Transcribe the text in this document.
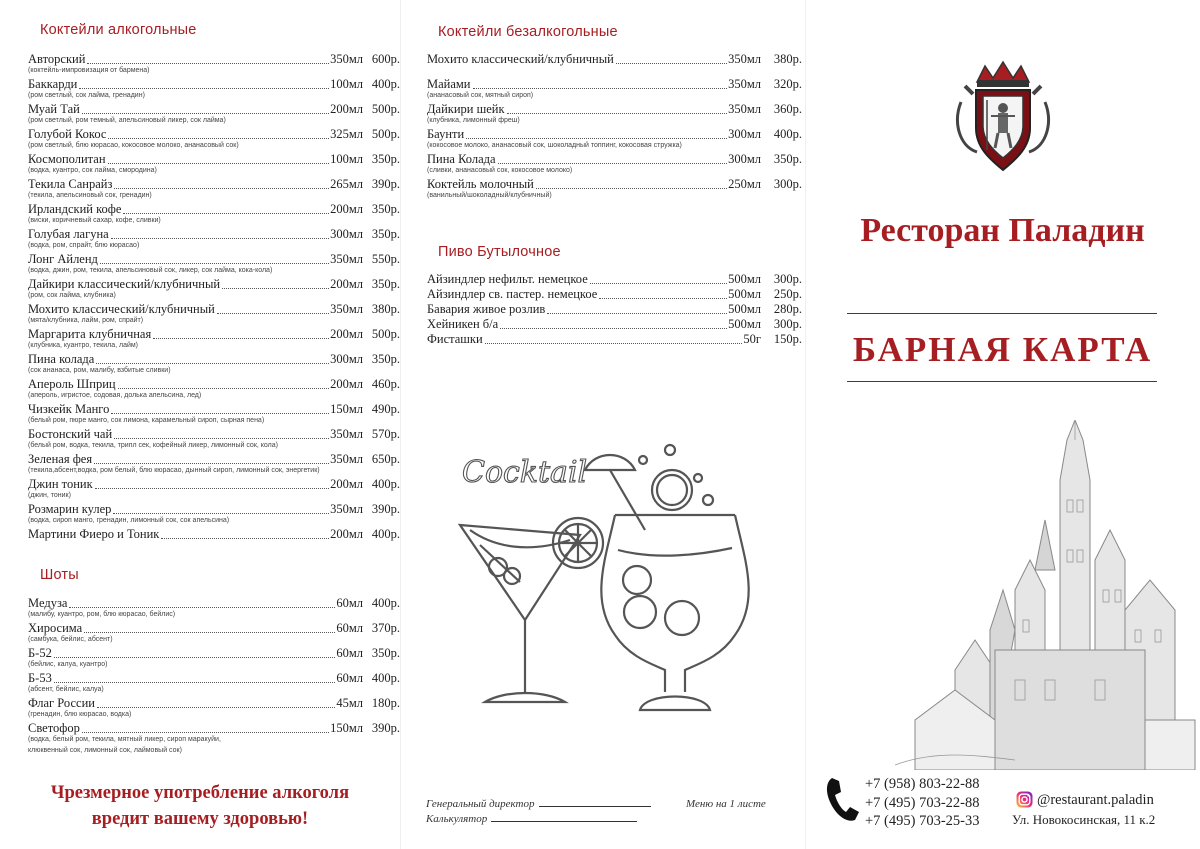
Коктейли алкогольные
Авторский	350мл 600р.
(коктейль-импровизация от бармена)
Баккарди	100мл 400р.
(ром светлый, сок лайма, гренадин)
Муай Тай	200мл 500р.
(ром светлый, ром темный, апельсиновый ликер, сок лайма)
Голубой Кокос	325мл 500р.
(ром светлый, блю кюрасао, кокосовое молоко, ананасовый сок)
Космополитан	100мл 350р.
(водка, куантро, сок лайма, смородина)
Текила Санрайз	265мл 390р.
(текила, апельсиновый сок, гренадин)
Ирландский кофе	200мл 350р.
(виски, коричневый сахар, кофе, сливки)
Голубая лагуна	300мл 350р.
(водка, ром, спрайт, блю кюрасао)
Лонг Айленд	350мл 550р.
(водка, джин, ром, текила, апельсиновый сок, ликер, сок лайма, кока-кола)
Дайкири классический/клубничный	200мл 350р.
(ром, сок лайма, клубника)
Мохито классический/клубничный	350мл 380р.
(мята/клубника, лайм, ром, спрайт)
Маргарита клубничная	200мл 500р.
(клубника, куантро, текила, лайм)
Пина колада	300мл 350р.
(сок ананаса, ром, малибу, взбитые сливки)
Апероль Шприц	200мл 460р.
(апероль, игристое, содовая, долька апельсина, лед)
Чизкейк Манго	150мл 490р.
(белый ром, пюре манго, сок лимона, карамельный сироп, сырная пена)
Бостонский чай	350мл 570р.
(белый ром, водка, текила, трипл сек, кофейный ликер, лимонный сок, кола)
Зеленая фея	350мл 650р.
(текила,абсент,водка, ром белый, блю кюрасао, дынный сироп, лимонный сок, энергетик)
Джин тоник	200мл 400р.
(джин, тоник)
Розмарин кулер	350мл 390р.
(водка, сироп манго, гренадин, лимонный сок, сок апельсина)
Мартини Фиеро и Тоник	200мл 400р.
Шоты
Медуза	60мл 400р.
(малибу, куантро, ром, блю кюрасао, бейлис)
Хиросима	60мл 370р.
(самбука, бейлис, абсент)
Б-52	60мл 350р.
(бейлис, калуа, куантро)
Б-53	60мл 400р.
(абсент, бейлис, калуа)
Флаг России	45мл 180р.
(гренадин, блю кюрасао, водка)
Светофор	150мл 390р.
(водка, белый ром, текила, мятный ликер, сироп маракуйи,
клюквенный сок, лимонный сок, лаймовый сок)
Чрезмерное употребление алкоголя
вредит вашему здоровью!
Коктейли безалкогольные
Мохито классический/клубничный	350мл 380р.
Майами	350мл 320р.
(ананасовый сок, мятный сироп)
Дайкири шейк	350мл 360р.
(клубника, лимонный фреш)
Баунти	300мл 400р.
(кокосовое молоко, ананасовый сок, шоколадный топпинг, кокосовая стружка)
Пина Колада	300мл 350р.
(сливки, ананасовый сок, кокосовое молоко)
Коктейль молочный	250мл 300р.
(ванильный/шоколадный/клубничный)
Пиво Бутылочное
Айзиндлер нефильт. немецкое	500мл 300р.
Айзиндлер св. пастер. немецкое	500мл 250р.
Бавария живое розлив	500мл 280р.
Хейникен б/а	500мл 300р.
Фисташки	50г 150р.
Cocktail
Генеральный директор
Калькулятор
Меню на 1 листе
Ресторан Паладин
БАРНАЯ КАРТА
+7 (958) 803-22-88
+7 (495) 703-22-88
+7 (495) 703-25-33
@restaurant.paladin
Ул. Новокосинская, 11 к.2
